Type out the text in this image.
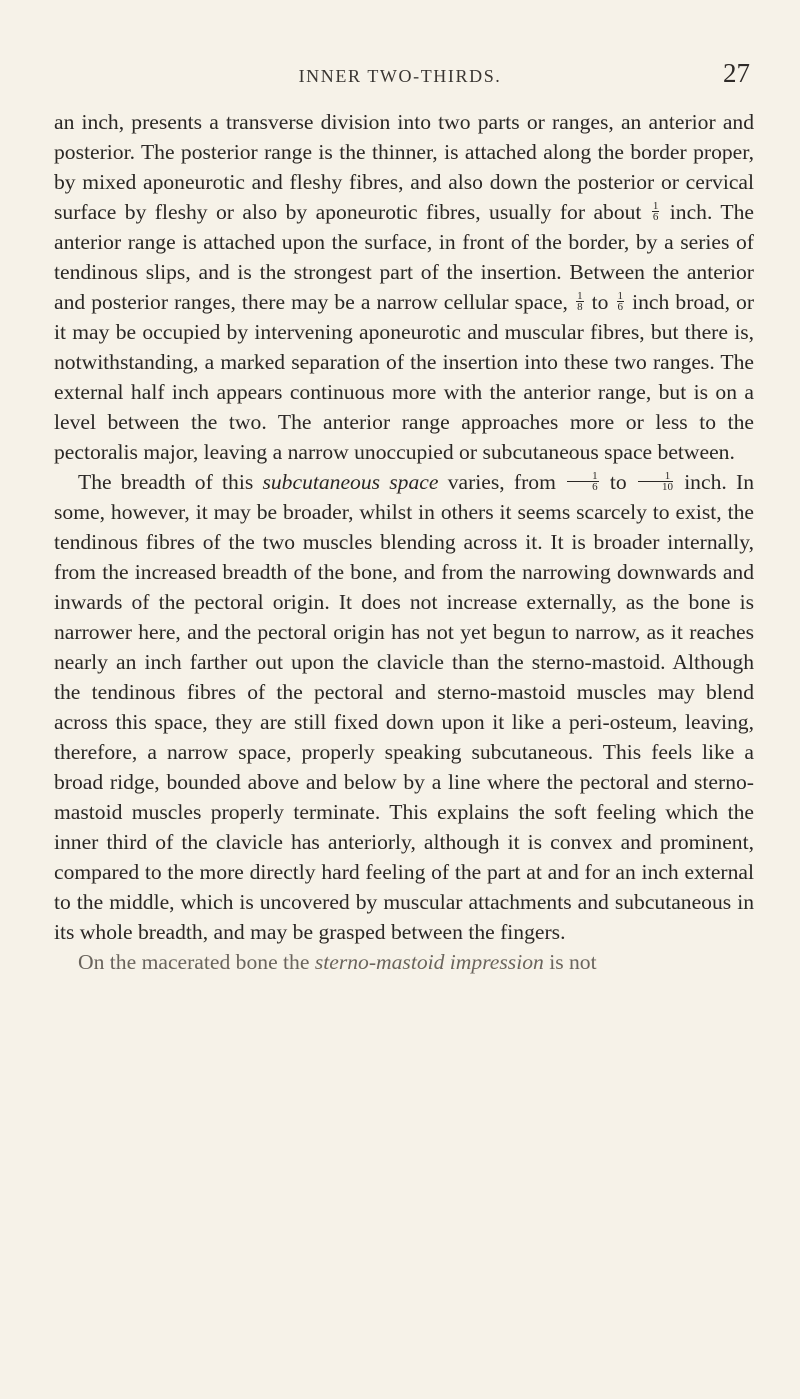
INNER TWO-THIRDS.	27

an inch, presents a transverse division into two parts or ranges, an anterior and posterior. The posterior range is the thinner, is attached along the border proper, by mixed aponeurotic and fleshy fibres, and also down the posterior or cervical surface by fleshy or also by aponeurotic fibres, usually for about $\frac{1}{6}$ inch. The anterior range is attached upon the surface, in front of the border, by a series of tendinous slips, and is the strongest part of the insertion. Between the anterior and posterior ranges, there may be a narrow cellular space, $\frac{1}{8}$ to $\frac{1}{6}$ inch broad, or it may be occupied by intervening aponeurotic and muscular fibres, but there is, notwithstanding, a marked separation of the insertion into these two ranges. The external half inch appears continuous more with the anterior range, but is on a level between the two. The anterior range approaches more or less to the pectoralis major, leaving a narrow unoccupied or subcutaneous space between.

The breadth of this subcutaneous space varies, from $\frac{1}{6}$ to $\frac{1}{10}$ inch. In some, however, it may be broader, whilst in others it seems scarcely to exist, the tendinous fibres of the two muscles blending across it. It is broader internally, from the increased breadth of the bone, and from the narrowing downwards and inwards of the pectoral origin. It does not increase externally, as the bone is narrower here, and the pectoral origin has not yet begun to narrow, as it reaches nearly an inch farther out upon the clavicle than the sterno-mastoid. Although the tendinous fibres of the pectoral and sterno-mastoid muscles may blend across this space, they are still fixed down upon it like a peri-osteum, leaving, therefore, a narrow space, properly speaking subcutaneous. This feels like a broad ridge, bounded above and below by a line where the pectoral and sterno-mastoid muscles properly terminate. This explains the soft feeling which the inner third of the clavicle has anteriorly, although it is convex and prominent, compared to the more directly hard feeling of the part at and for an inch external to the middle, which is uncovered by muscular attachments and subcutaneous in its whole breadth, and may be grasped between the fingers.

On the macerated bone the sterno-mastoid impression is not
